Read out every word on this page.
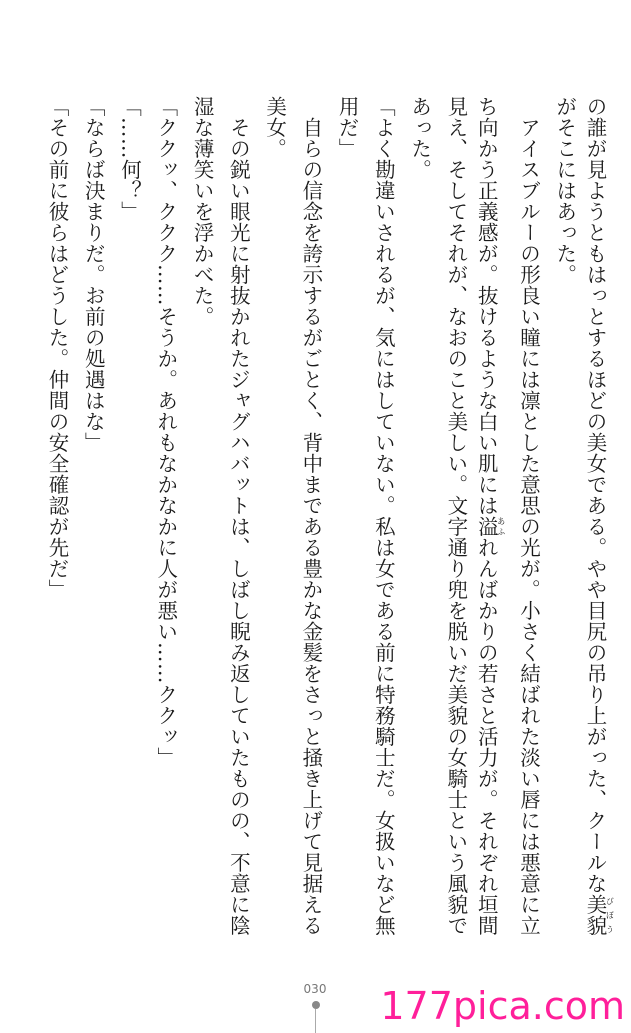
の誰が見ようともはっとするほどの美女である。やや目尻の吊り上がった、クールな美貌びぼう
がそこにはあった。
　アイスブルーの形良い瞳には凛とした意思の光が。小さく結ばれた淡い唇には悪意に立
ち向かう正義感が。抜けるような白い肌には溢あふれんばかりの若さと活力が。それぞれ垣間
見え、そしてそれが、なおのこと美しい。文字通り兜を脱いだ美貌の女騎士という風貌で
あった。
「よく勘違いされるが、気にはしていない。私は女である前に特務騎士だ。女扱いなど無
用だ」
　自らの信念を誇示するがごとく、背中まである豊かな金髪をさっと掻き上げて見据える
美女。
　その鋭い眼光に射抜かれたジャグハバットは、しばし睨み返していたものの、不意に陰
湿な薄笑いを浮かべた。
「ククッ、ククク……そうか。あれもなかなかに人が悪い……ククッ」
「……何？」
「ならば決まりだ。お前の処遇はな」
「その前に彼らはどうした。仲間の安全確認が先だ」
030 177pica.com
